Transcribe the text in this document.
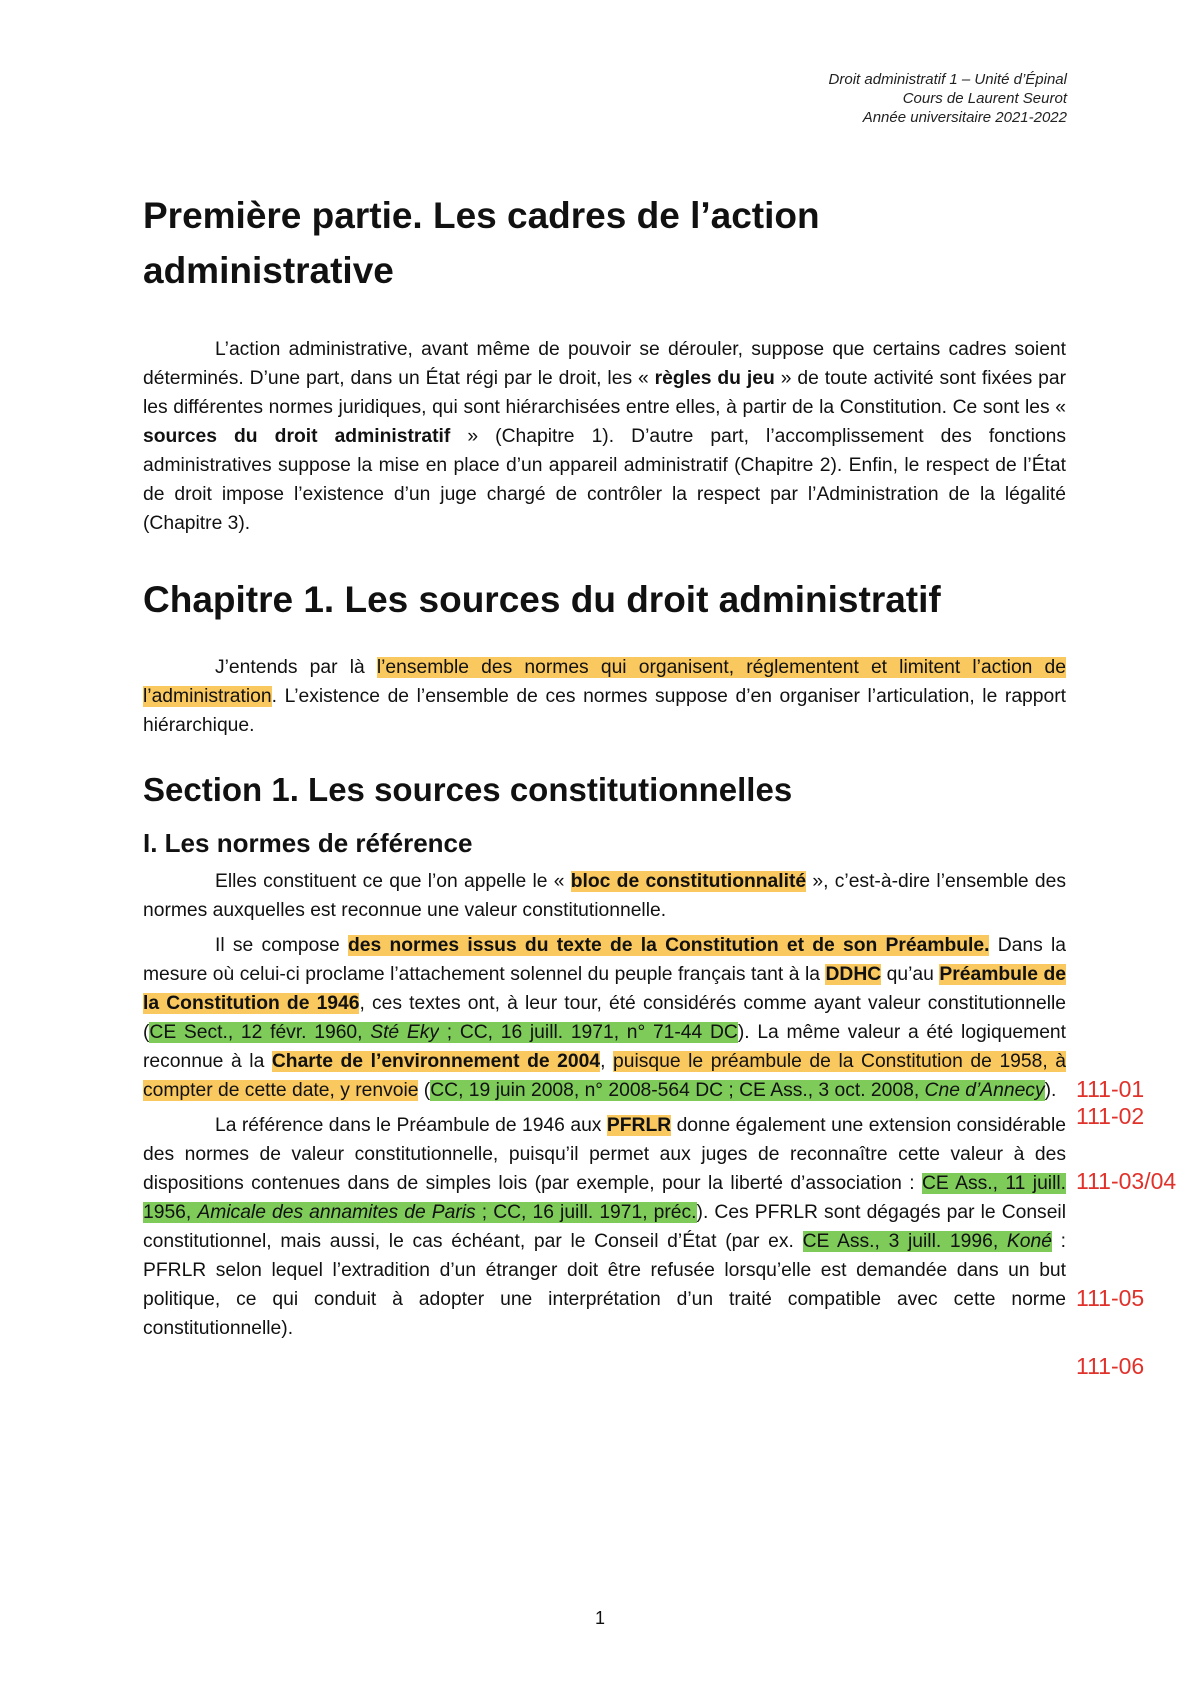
Droit administratif 1 – Unité d’Épinal
Cours de Laurent Seurot
Année universitaire 2021-2022
Première partie. Les cadres de l’action administrative

L’action administrative, avant même de pouvoir se dérouler, suppose que certains cadres soient déterminés. D’une part, dans un État régi par le droit, les « règles du jeu » de toute activité sont fixées par les différentes normes juridiques, qui sont hiérarchisées entre elles, à partir de la Constitution. Ce sont les « sources du droit administratif » (Chapitre 1). D’autre part, l’accomplissement des fonctions administratives suppose la mise en place d’un appareil administratif (Chapitre 2). Enfin, le respect de l’État de droit impose l’existence d’un juge chargé de contrôler la respect par l’Administration de la légalité (Chapitre 3).

Chapitre 1. Les sources du droit administratif

J’entends par là l’ensemble des normes qui organisent, réglementent et limitent l’action de l’administration. L’existence de l’ensemble de ces normes suppose d’en organiser l’articulation, le rapport hiérarchique.

Section 1. Les sources constitutionnelles
I. Les normes de référence

Elles constituent ce que l’on appelle le « bloc de constitutionnalité », c’est-à-dire l’ensemble des normes auxquelles est reconnue une valeur constitutionnelle.

Il se compose des normes issus du texte de la Constitution et de son Préambule. Dans la mesure où celui-ci proclame l’attachement solennel du peuple français tant à la DDHC qu’au Préambule de la Constitution de 1946, ces textes ont, à leur tour, été considérés comme ayant valeur constitutionnelle (CE Sect., 12 févr. 1960, Sté Eky ; CC, 16 juill. 1971, n° 71-44 DC). La même valeur a été logiquement reconnue à la Charte de l’environnement de 2004, puisque le préambule de la Constitution de 1958, à compter de cette date, y renvoie (CC, 19 juin 2008, n° 2008-564 DC ; CE Ass., 3 oct. 2008, Cne d’Annecy).

La référence dans le Préambule de 1946 aux PFRLR donne également une extension considérable des normes de valeur constitutionnelle, puisqu’il permet aux juges de reconnaître cette valeur à des dispositions contenues dans de simples lois (par exemple, pour la liberté d’association : CE Ass., 11 juill. 1956, Amicale des annamites de Paris ; CC, 16 juill. 1971, préc.). Ces PFRLR sont dégagés par le Conseil constitutionnel, mais aussi, le cas échéant, par le Conseil d’État (par ex. CE Ass., 3 juill. 1996, Koné : PFRLR selon lequel l’extradition d’un étranger doit être refusée lorsqu’elle est demandée dans un but politique, ce qui conduit à adopter une interprétation d’un traité compatible avec cette norme constitutionnelle).

111-01
111-02
111-03/04
111-05
111-06
1
